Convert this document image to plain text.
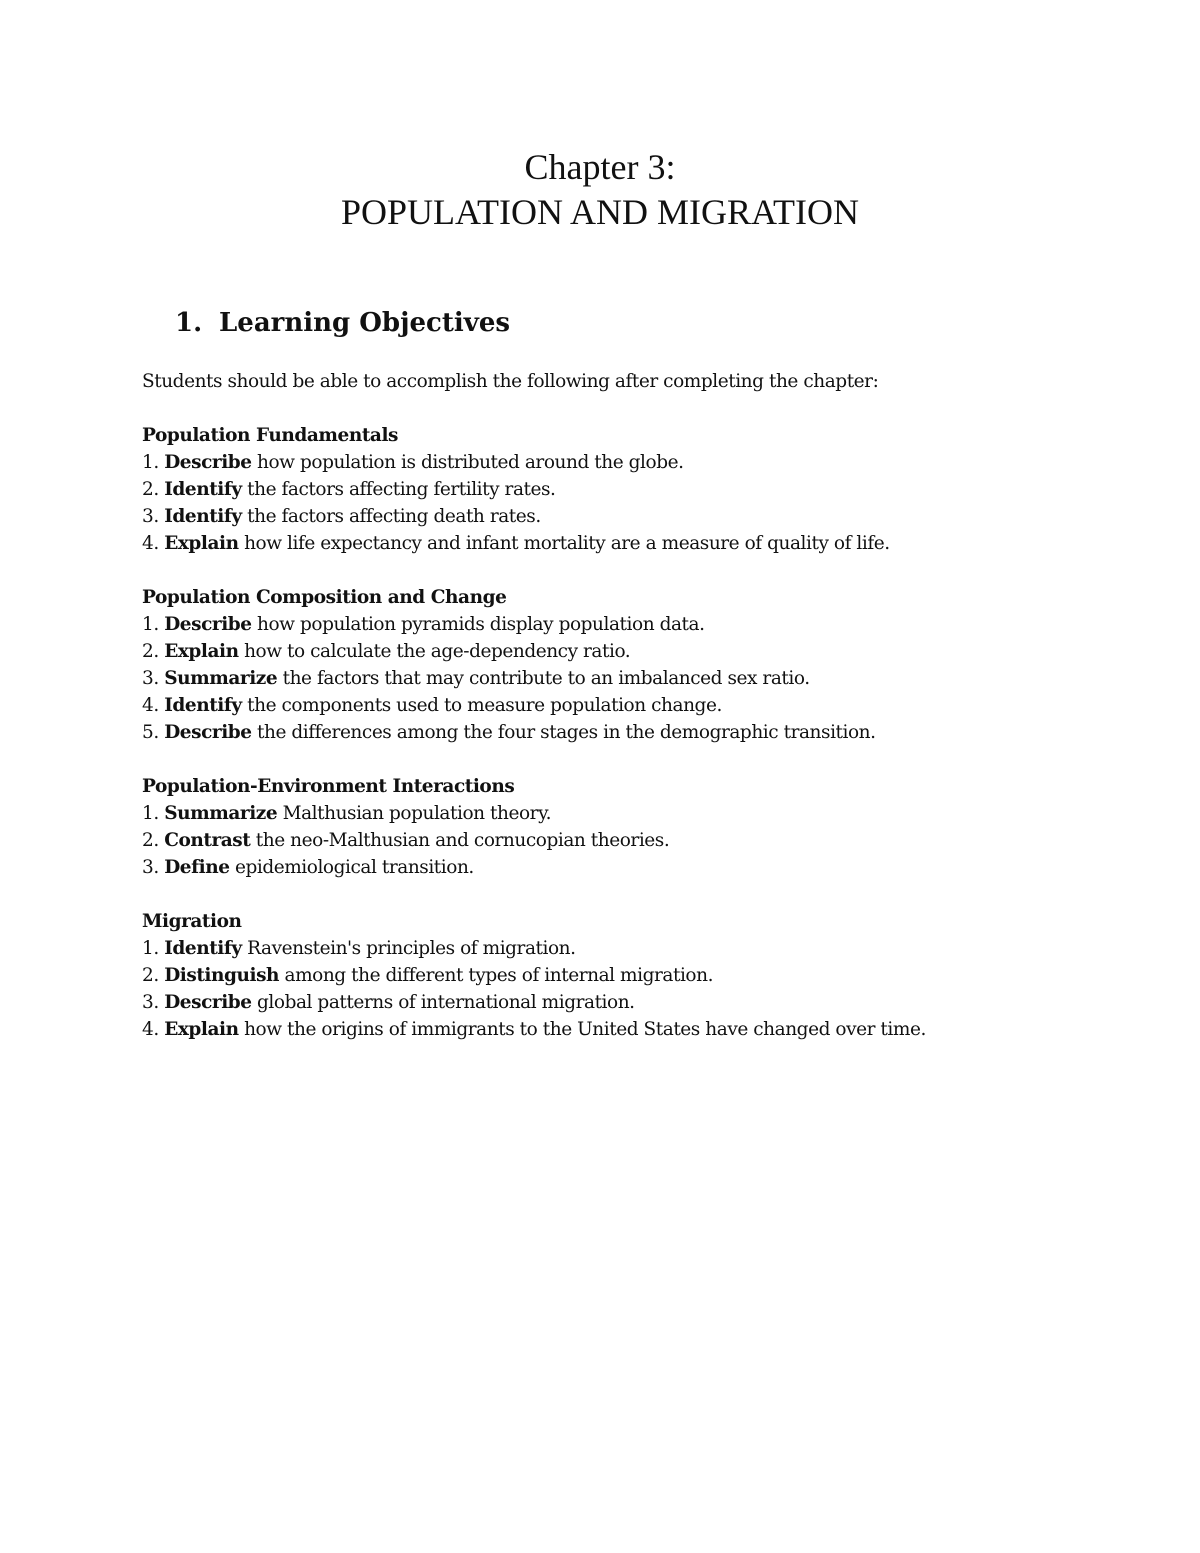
Chapter 3:
POPULATION AND MIGRATION
1. Learning Objectives

Students should be able to accomplish the following after completing the chapter:

Population Fundamentals

1. Describe how population is distributed around the globe.
2. Identify the factors affecting fertility rates.
3. Identify the factors affecting death rates.
4. Explain how life expectancy and infant mortality are a measure of quality of life.

Population Composition and Change

1. Describe how population pyramids display population data.
2. Explain how to calculate the age-dependency ratio.
3. Summarize the factors that may contribute to an imbalanced sex ratio.
4. Identify the components used to measure population change.
5. Describe the differences among the four stages in the demographic transition.

Population-Environment Interactions

1. Summarize Malthusian population theory.
2. Contrast the neo-Malthusian and cornucopian theories.
3. Define epidemiological transition.

Migration

1. Identify Ravenstein's principles of migration.
2. Distinguish among the different types of internal migration.
3. Describe global patterns of international migration.
4. Explain how the origins of immigrants to the United States have changed over time.
